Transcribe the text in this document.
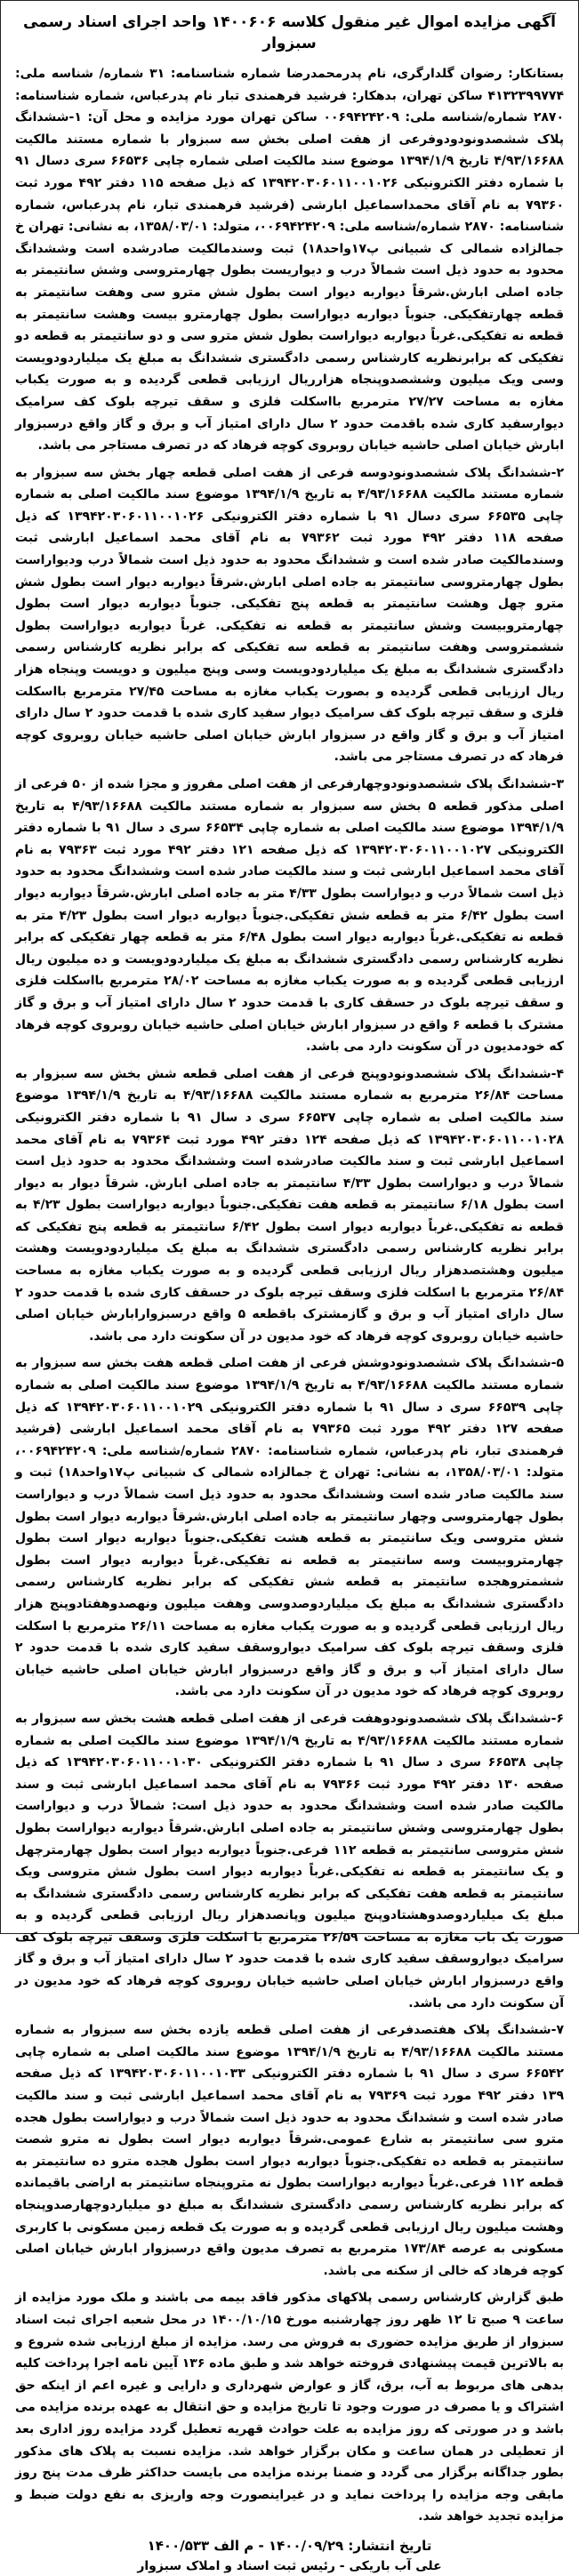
آگهی مزایده اموال غیر منقول کلاسه ۱۴۰۰۶۰۶ واحد اجرای اسناد رسمی سبزوار

بستانکار: رضوان گلدارگری، نام پدرمحمدرضا شماره شناسنامه: ۳۱ شماره/ شناسه ملی: ۴۱۳۲۳۹۹۷۷۴ ساکن تهران، بدهکار: فرشید فرهمندی تبار نام پدرعباس، شماره شناسنامه: ۲۸۷۰ شماره/شناسه ملی: ۰۰۶۹۴۲۴۲۰۹ ساکن تهران مورد مزایده و محل آن: ۱-ششدانگ پلاک ششصدونودودوفرعی از هفت اصلی بخش سه سبزوار با شماره مستند مالکیت ۴/۹۳/۱۶۶۸۸ تاریخ ۱۳۹۴/۱/۹ موضوع سند مالکیت اصلی شماره چاپی ۶۶۵۳۶ سری دسال ۹۱ با شماره دفتر الکترونیکی ۱۳۹۴۲۰۳۰۶۰۱۱۰۰۱۰۲۶ که ذیل صفحه ۱۱۵ دفتر ۴۹۲ مورد ثبت ۷۹۳۶۰ به نام آقای محمداسماعیل ابارشی (فرشید فرهمندی تبار، نام پدرعباس، شماره شناسنامه: ۲۸۷۰ شماره/شناسه ملی: ۰۰۶۹۴۲۴۲۰۹، متولد: ۱۳۵۸/۰۳/۰۱، به نشانی: تهران خ جمالزاده شمالی ک شبیانی پ۱۷واحد۱۸) ثبت وسندمالکیت صادرشده است وششدانگ محدود به حدود ذیل است شمالاً درب و دیواریست بطول چهارمتروسی وشش سانتیمتر به جاده اصلی ابارش.شرقاً دیواربه دیوار است بطول شش مترو سی وهفت سانتیمتر به قطعه چهارتفکیکی. جنوباً دیواربه دیواراست بطول چهارمترو بیست وهشت سانتیمتر به قطعه نه تفکیکی.غرباً دیواربه دیواراست بطول شش مترو سی و دو سانتیمتر به قطعه دو تفکیکی که برابرنظریه کارشناس رسمی دادگستری ششدانگ به مبلغ یک میلیاردودویست وسی ویک میلیون وششصدوپنجاه هزارریال ارزیابی قطعی گردیده و به صورت یکباب مغازه به مساحت ۲۷/۲۷ مترمربع بااسکلت فلزی و سقف تیرچه بلوک کف سرامیک دیوارسفید کاری شده باقدمت حدود ۲ سال دارای امتیاز آب و برق و گاز واقع درسبزوار ابارش خیابان اصلی حاشیه خیابان روبروی کوچه فرهاد که در تصرف مستاجر می باشد.

۲-ششدانگ پلاک ششصدونودوسه فرعی از هفت اصلی قطعه چهار بخش سه سبزوار به شماره مستند مالکیت ۴/۹۳/۱۶۶۸۸ به تاریخ ۱۳۹۴/۱/۹ موضوع سند مالکیت اصلی به شماره چاپی ۶۶۵۳۵ سری دسال ۹۱ با شماره دفتر الکترونیکی ۱۳۹۴۲۰۳۰۶۰۱۱۰۰۱۰۲۶ که ذیل صفحه ۱۱۸ دفتر ۴۹۲ مورد ثبت ۷۹۳۶۲ به نام آقای محمد اسماعیل ابارشی ثبت وسندمالکیت صادر شده است و ششدانگ محدود به حدود ذیل است شمالاً درب ودیواراست بطول چهارمتروسی سانتیمتر به جاده اصلی ابارش.شرقاً دیواربه دیوار است بطول شش مترو چهل وهشت سانتیمتر به قطعه پنج تفکیکی. جنوباً دیواربه دیوار است بطول چهارمتروبیست وشش سانتیمتر به قطعه نه تفکیکی. غرباً دیواربه دیواراست بطول ششمتروسی وهفت سانتیمتر به قطعه سه تفکیکی که برابر نظریه کارشناس رسمی دادگستری ششدانگ به مبلغ یک میلیاردودویست وسی وپنج میلیون و دویست وپنجاه هزار ریال ارزیابی قطعی گردیده و بصورت یکباب مغازه به مساحت ۲۷/۴۵ مترمربع بااسکلت فلزی و سقف تیرچه بلوک کف سرامیک دیوار سفید کاری شده با قدمت حدود ۲ سال دارای امتیاز آب و برق و گاز واقع در سبزوار ابارش خیابان اصلی حاشیه خیابان روبروی کوچه فرهاد که در تصرف مستاجر می باشد.

۳-ششدانگ پلاک ششصدونودوچهارفرعی از هفت اصلی مفروز و مجزا شده از ۵۰ فرعی از اصلی مذکور قطعه ۵ بخش سه سبزوار به شماره مستند مالکیت ۴/۹۳/۱۶۶۸۸ به تاریخ ۱۳۹۴/۱/۹ موضوع سند مالکیت اصلی به شماره چاپی ۶۶۵۳۴ سری د سال ۹۱ با شماره دفتر الکترونیکی ۱۳۹۴۲۰۳۰۶۰۱۱۰۰۱۰۲۷ که ذیل صفحه ۱۲۱ دفتر ۴۹۲ مورد ثبت ۷۹۳۶۳ به نام آقای محمد اسماعیل ابارشی ثبت و سند مالکیت صادر شده است وششدانگ محدود به حدود ذیل است شمالاً درب و دیواراست بطول ۴/۳۳ متر به جاده اصلی ابارش.شرقاً دیواربه دیوار است بطول ۶/۴۲ متر به قطعه شش تفکیکی.جنوباً دیواربه دیوار است بطول ۴/۲۳ متر به قطعه نه تفکیکی.غرباً دیواربه دیوار است بطول ۶/۴۸ متر به قطعه چهار تفکیکی که برابر نظریه کارشناس رسمی دادگستری ششدانگ به مبلغ یک میلیاردودویست و ده میلیون ریال ارزیابی قطعی گردیده و به صورت یکباب مغازه به مساحت ۲۸/۰۲ مترمربع بااسکلت فلزی و سقف تیرچه بلوک در حسقف کاری با قدمت حدود ۲ سال دارای امتیاز آب و برق و گاز مشترک با قطعه ۶ واقع در سبزوار ابارش خیابان اصلی حاشیه خیابان روبروی کوچه فرهاد که خودمدیون در آن سکونت دارد می باشد.

۴-ششدانگ پلاک ششصدونودوپنج فرعی از هفت اصلی قطعه شش بخش سه سبزوار به مساحت ۲۶/۸۴ مترمربع به شماره مستند مالکیت ۴/۹۳/۱۶۶۸۸ به تاریخ ۱۳۹۴/۱/۹ موضوع سند مالکیت اصلی به شماره چاپی ۶۶۵۳۷ سری د سال ۹۱ با شماره دفتر الکترونیکی ۱۳۹۴۲۰۳۰۶۰۱۱۰۰۱۰۲۸ که ذیل صفحه ۱۲۴ دفتر ۴۹۲ مورد ثبت ۷۹۳۶۴ به نام آقای محمد اسماعیل ابارشی ثبت و سند مالکیت صادرشده است وششدانگ محدود به حدود ذیل است شمالاً درب و دیواراست بطول ۴/۳۳ سانتیمتر به جاده اصلی ابارش. شرقاً دیوار به دیوار است بطول ۶/۱۸ سانتیمتر به قطعه هفت تفکیکی.جنوباً دیواربه دیواراست بطول ۴/۲۳ به قطعه نه تفکیکی.غرباً دیواربه دیوار است بطول ۶/۴۲ سانتیمتر به قطعه پنج تفکیکی که برابر نظریه کارشناس رسمی دادگستری ششدانگ به مبلغ یک میلیاردودویست وهشت میلیون وهشتصدهزار ریال ارزیابی قطعی گردیده و به صورت یکباب مغازه به مساحت ۲۶/۸۴ مترمربع با اسکلت فلزی وسقف تیرچه بلوک در حسقف کاری شده با قدمت حدود ۲ سال دارای امتیاز آب و برق و گازمشترک باقطعه ۵ واقع درسبزوارابارش خیابان اصلی حاشیه خیابان روبروی کوچه فرهاد که خود مدیون در آن سکونت دارد می باشد.

۵-ششدانگ پلاک ششصدونودوشش فرعی از هفت اصلی قطعه هفت بخش سه سبزوار به شماره مستند مالکیت ۴/۹۳/۱۶۶۸۸ به تاریخ ۱۳۹۴/۱/۹ موضوع سند مالکیت اصلی به شماره چاپی ۶۶۵۳۹ سری د سال ۹۱ با شماره دفتر الکترونیکی ۱۳۹۴۲۰۳۰۶۰۱۱۰۰۱۰۲۹ که ذیل صفحه ۱۲۷ دفتر ۴۹۲ مورد ثبت ۷۹۳۶۵ به نام آقای محمد اسماعیل ابارشی (فرشید فرهمندی تبار، نام پدرعباس، شماره شناسنامه: ۲۸۷۰ شماره/شناسه ملی: ۰۰۶۹۴۲۴۲۰۹، متولد: ۱۳۵۸/۰۳/۰۱، به نشانی: تهران خ جمالزاده شمالی ک شبیانی پ۱۷واحد۱۸) ثبت و سند مالکیت صادر شده است وششدانگ محدود به حدود ذیل است شمالاً درب و دیواراست بطول چهارمتروسی وچهار سانتیمتر به جاده اصلی ابارش.شرقاً دیواربه دیوار است بطول شش متروسی ویک سانتیمتر به قطعه هشت تفکیکی.جنوباً دیواربه دیوار است بطول چهارمتروبیست وسه سانتیمتر به قطعه نه تفکیکی.غرباً دیواربه دیوار است بطول ششمتروهجده سانتیمتر به قطعه شش تفکیکی که برابر نظریه کارشناس رسمی دادگستری ششدانگ به مبلغ یک میلیاردوصدوسی وهفت میلیون ونهصدوهفتادوپنج هزار ریال ارزیابی قطعی گردیده و به صورت یکباب مغازه به مساحت ۲۶/۱۱ مترمربع با اسکلت فلزی وسقف تیرچه بلوک کف سرامیک دیواروسقف سفید کاری شده با قدمت حدود ۲ سال دارای امتیاز آب و برق و گاز واقع درسبزوار ابارش خیابان اصلی حاشیه خیابان روبروی کوچه فرهاد که خود مدیون در آن سکونت دارد می باشد.

۶-ششدانگ پلاک ششصدونودوهفت فرعی از هفت اصلی قطعه هشت بخش سه سبزوار به شماره مستند مالکیت ۴/۹۳/۱۶۶۸۸ به تاریخ ۱۳۹۴/۱/۹ موضوع سند مالکیت اصلی به شماره چاپی ۶۶۵۳۸ سری د سال ۹۱ با شماره دفتر الکترونیکی ۱۳۹۴۲۰۳۰۶۰۱۱۰۰۱۰۳۰ که ذیل صفحه ۱۳۰ دفتر ۴۹۲ مورد ثبت ۷۹۳۶۶ به نام آقای محمد اسماعیل ابارشی ثبت و سند مالکیت صادر شده است وششدانگ محدود به حدود ذیل است: شمالاً درب و دیواراست بطول چهارمتروسی وشش سانتیمتر به جاده اصلی ابارش.شرقاً دیواربه دیواراست بطول شش متروسی سانتیمتر به قطعه ۱۱۲ فرعی.جنوباً دیواربه دیوار است بطول چهارمترچهل و یک سانتیمتر به قطعه نه تفکیکی.غرباً دیواربه دیوار است بطول شش متروسی ویک سانتیمتر به قطعه هفت تفکیکی که برابر نظریه کارشناس رسمی دادگستری ششدانگ به مبلغ یک میلیاردوصدوهشتادوپنج میلیون وپانصدهزار ریال ارزیابی قطعی گردیده و به صورت یک باب مغازه به مساحت ۲۶/۵۹ مترمربع با اسکلت فلزی وسقف تیرچه بلوک کف سرامیک دیواروسقف سفید کاری شده با قدمت حدود ۲ سال دارای امتیاز آب و برق و گاز واقع درسبزوار ابارش خیابان اصلی حاشیه خیابان روبروی کوچه فرهاد که خود مدیون در آن سکونت دارد می باشد.

۷-ششدانگ پلاک هفتصدفرعی از هفت اصلی قطعه یازده بخش سه سبزوار به شماره مستند مالکیت ۴/۹۳/۱۶۶۸۸ به تاریخ ۱۳۹۴/۱/۹ موضوع سند مالکیت اصلی به شماره چاپی ۶۶۵۴۲ سری د سال ۹۱ با شماره دفتر الکترونیکی ۱۳۹۴۲۰۳۰۶۰۱۱۰۰۱۰۳۳ که ذیل صفحه ۱۳۹ دفتر ۴۹۲ مورد ثبت ۷۹۳۶۹ به نام آقای محمد اسماعیل ابارشی ثبت و سند مالکیت صادر شده است و ششدانگ محدود به حدود ذیل است شمالاً درب و دیواراست بطول هجده مترو سی سانتیمتر به شارع عمومی.شرقاً دیواربه دیوار است بطول نه مترو شصت سانتیمتر به قطعه ده تفکیکی.جنوباً دیواربه دیوار است بطول هجده مترو ده سانتیمتر به قطعه ۱۱۲ فرعی.غرباً دیواربه دیواراست بطول نه متروپنجاه سانتیمتر به اراضی باقیمانده که برابر نظریه کارشناس رسمی دادگستری ششدانگ به مبلغ دو میلیاردوچهارصدوپنجاه وهشت میلیون ریال ارزیابی قطعی گردیده و به صورت یک قطعه زمین مسکونی با کاربری مسکونی به عرصه ۱۷۳/۸۴ مترمربع به تصرف مدیون واقع درسبزوار ابارش خیابان اصلی کوچه فرهاد که خالی از سکنه می باشد.

طبق گزارش کارشناس رسمی پلاکهای مذکور فاقد بیمه می باشند و ملک مورد مزایده از ساعت ۹ صبح تا ۱۲ ظهر روز چهارشنبه مورخ ۱۴۰۰/۱۰/۱۵ در محل شعبه اجرای ثبت اسناد سبزوار از طریق مزایده حضوری به فروش می رسد. مزایده از مبلغ ارزیابی شده شروع و به بالاترین قیمت پیشنهادی فروخته خواهد شد و طبق ماده ۱۳۶ آیین نامه اجرا پرداخت کلیه بدهی های مربوط به آب، برق، گاز و عوارض شهرداری و دارایی و غیره اعم از اینکه حق اشتراک و یا مصرف در صورت وجود تا تاریخ مزایده و حق انتقال به عهده برنده مزایده می باشد و در صورتی که روز مزایده به علت حوادث قهریه تعطیل گردد مزایده روز اداری بعد از تعطیلی در همان ساعت و مکان برگزار خواهد شد. مزایده نسبت به پلاک های مذکور بطور جداگانه برگزار می گردد و ضمنا برنده مزایده می بایست حداکثر ظرف مدت پنج روز مابقی وجه مزایده را پرداخت نماید و در غیراینصورت وجه واریزی به نفع دولت ضبط و مزایده تجدید خواهد شد.

تاریخ انتشار: ۱۴۰۰/۰۹/۲۹ - م الف ۱۴۰۰/۵۳۳
علی آب باریکی - رئیس ثبت اسناد و املاک سبزوار
